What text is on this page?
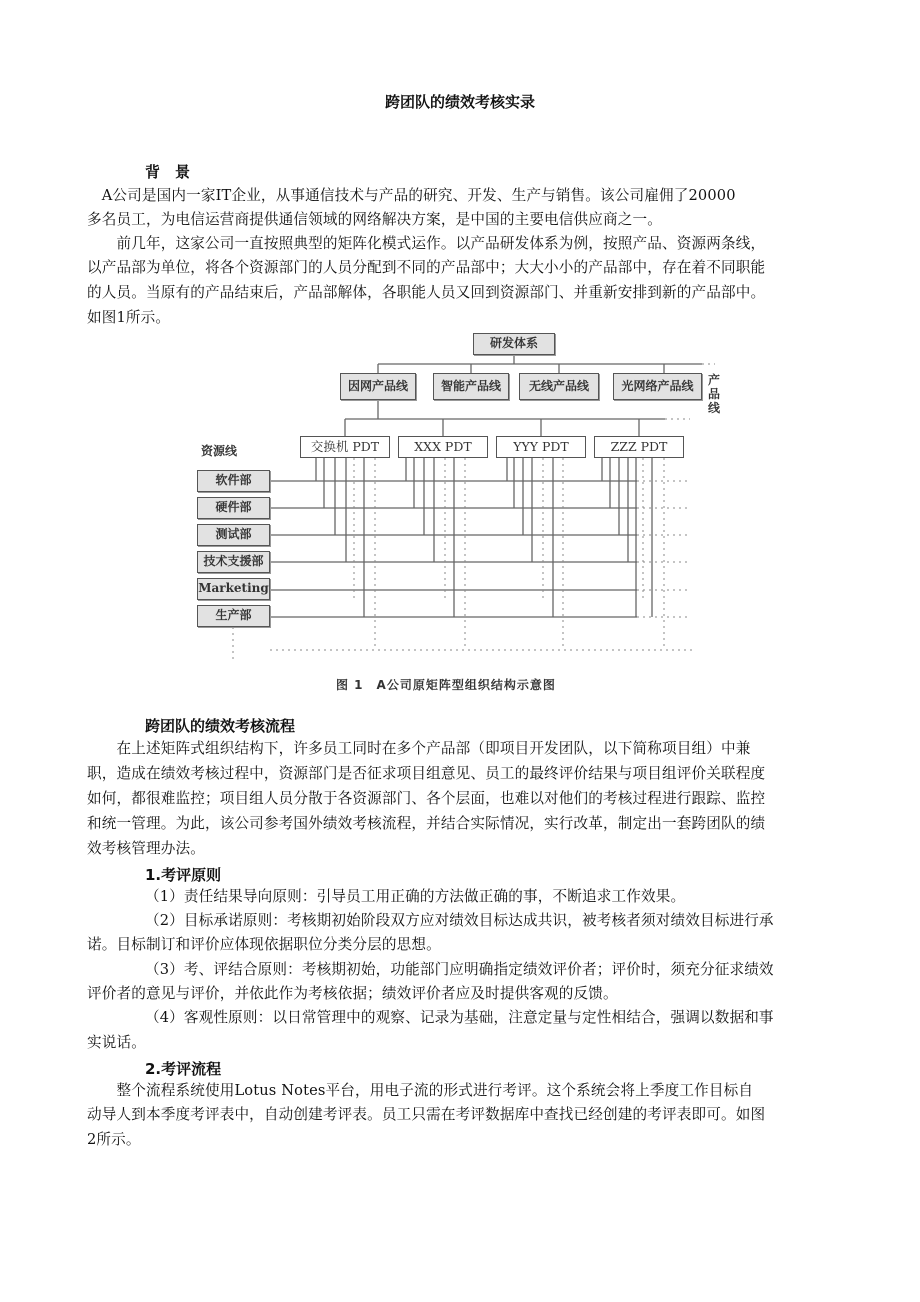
跨团队的绩效考核实录
背　景
　A公司是国内一家IT企业，从事通信技术与产品的研究、开发、生产与销售。该公司雇佣了20000
多名员工，为电信运营商提供通信领域的网络解决方案，是中国的主要电信供应商之一。
　　前几年，这家公司一直按照典型的矩阵化模式运作。以产品研发体系为例，按照产品、资源两条线，
以产品部为单位，将各个资源部门的人员分配到不同的产品部中；大大小小的产品部中，存在着不同职能
的人员。当原有的产品结束后，产品部解体，各职能人员又回到资源部门、并重新安排到新的产品部中。
如图1所示。
研发体系
因网产品线	智能产品线	无线产品线	光网络产品线	产品线
资源线	交换机 PDT	XXX PDT	YYY PDT	ZZZ PDT
软件部
硬件部
测试部
技术支援部
Marketing
生产部
图 1　A公司原矩阵型组织结构示意图
跨团队的绩效考核流程
　　在上述矩阵式组织结构下，许多员工同时在多个产品部（即项目开发团队，以下简称项目组）中兼
职，造成在绩效考核过程中，资源部门是否征求项目组意见、员工的最终评价结果与项目组评价关联程度
如何，都很难监控；项目组人员分散于各资源部门、各个层面，也难以对他们的考核过程进行跟踪、监控
和统一管理。为此，该公司参考国外绩效考核流程，并结合实际情况，实行改革，制定出一套跨团队的绩
效考核管理办法。
1.考评原则
（1）责任结果导向原则：引导员工用正确的方法做正确的事，不断追求工作效果。
（2）目标承诺原则：考核期初始阶段双方应对绩效目标达成共识，被考核者须对绩效目标进行承
诺。目标制订和评价应体现依据职位分类分层的思想。
（3）考、评结合原则：考核期初始，功能部门应明确指定绩效评价者；评价时，须充分征求绩效
评价者的意见与评价，并依此作为考核依据；绩效评价者应及时提供客观的反馈。
（4）客观性原则：以日常管理中的观察、记录为基础，注意定量与定性相结合，强调以数据和事
实说话。
2.考评流程
　　整个流程系统使用Lotus Notes平台，用电子流的形式进行考评。这个系统会将上季度工作目标自
动导人到本季度考评表中，自动创建考评表。员工只需在考评数据库中查找已经创建的考评表即可。如图
2所示。
